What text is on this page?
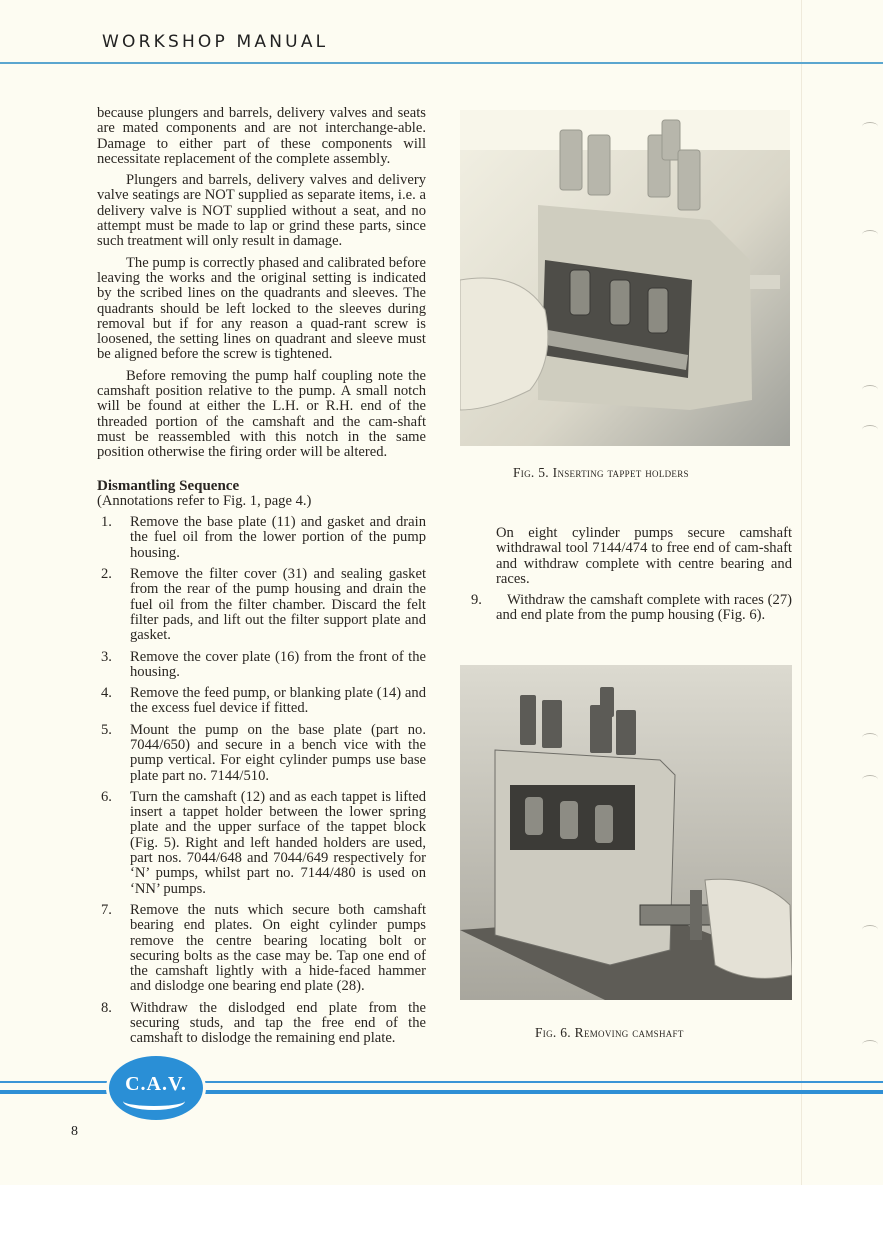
WORKSHOP MANUAL

because plungers and barrels, delivery valves and seats are mated components and are not interchange-able. Damage to either part of these components will necessitate replacement of the complete assembly.

Plungers and barrels, delivery valves and delivery valve seatings are NOT supplied as separate items, i.e. a delivery valve is NOT supplied without a seat, and no attempt must be made to lap or grind these parts, since such treatment will only result in damage.

The pump is correctly phased and calibrated before leaving the works and the original setting is indicated by the scribed lines on the quadrants and sleeves. The quadrants should be left locked to the sleeves during removal but if for any reason a quad-rant screw is loosened, the setting lines on quadrant and sleeve must be aligned before the screw is tightened.

Before removing the pump half coupling note the camshaft position relative to the pump. A small notch will be found at either the L.H. or R.H. end of the threaded portion of the camshaft and the cam-shaft must be reassembled with this notch in the same position otherwise the firing order will be altered.

Dismantling Sequence

(Annotations refer to Fig. 1, page 4.)

1. Remove the base plate (11) and gasket and drain the fuel oil from the lower portion of the pump housing.
2. Remove the filter cover (31) and sealing gasket from the rear of the pump housing and drain the fuel oil from the filter chamber. Discard the felt filter pads, and lift out the filter support plate and gasket.
3. Remove the cover plate (16) from the front of the housing.
4. Remove the feed pump, or blanking plate (14) and the excess fuel device if fitted.
5. Mount the pump on the base plate (part no. 7044/650) and secure in a bench vice with the pump vertical. For eight cylinder pumps use base plate part no. 7144/510.
6. Turn the camshaft (12) and as each tappet is lifted insert a tappet holder between the lower spring plate and the upper surface of the tappet block (Fig. 5). Right and left handed holders are used, part nos. 7044/648 and 7044/649 respectively for ‘N’ pumps, whilst part no. 7144/480 is used on ‘NN’ pumps.
7. Remove the nuts which secure both camshaft bearing end plates. On eight cylinder pumps remove the centre bearing locating bolt or securing bolts as the case may be. Tap one end of the camshaft lightly with a hide-faced hammer and dislodge one bearing end plate (28).
8. Withdraw the dislodged end plate from the securing studs, and tap the free end of the camshaft to dislodge the remaining end plate.
Fig. 5. Inserting tappet holders

On eight cylinder pumps secure camshaft withdrawal tool 7144/474 to free end of cam-shaft and withdraw complete with centre bearing and races.

9. Withdraw the camshaft complete with races (27) and end plate from the pump housing (Fig. 6).
Fig. 6. Removing camshaft
C.A.V.
8
